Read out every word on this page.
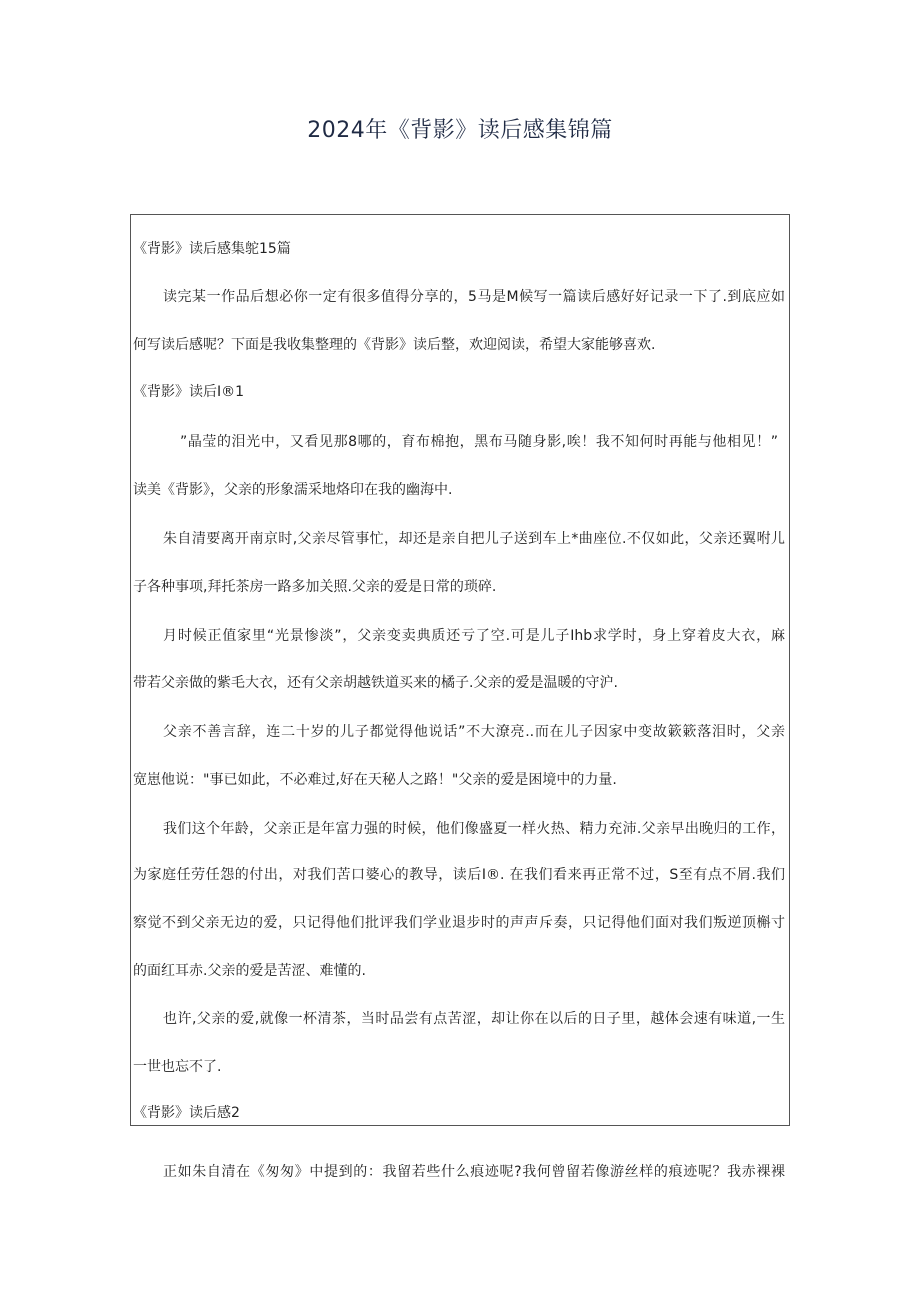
2024年《背影》读后感集锦篇
《背影》读后感集鸵15篇
读完某一作品后想必你一定有很多值得分享的，5马是M候写一篇读后感好好记录一下了.到底应如
何写读后感呢？下面是我收集整理的《背影》读后整，欢迎阅读，希望大家能够喜欢.
《背影》读后I®1
”晶莹的泪光中，又看见那8哪的，育布棉抱，黑布马随身影,唉！我不知何时再能与他相见！”
读美《背影》，父亲的形象濡采地烙印在我的幽海中.
朱自清要离开南京时,父亲尽管事忙，却还是亲自把儿子送到车上*曲座位.不仅如此，父亲还翼咐儿
子各种事项,拜托茶房一路多加关照.父亲的爱是日常的琐碎.
月时候正值家里“光景惨淡”，父亲变卖典质还亏了空.可是儿子Ihb求学时，身上穿着皮大衣，麻
带若父亲做的紫毛大衣，还有父亲胡越铁道买来的橘子.父亲的爱是温暖的守沪.
父亲不善言辞，连二十岁的儿子都觉得他说话”不大潦亮..而在儿子因家中变故簌簌落泪时，父亲
宽崽他说："事已如此，不必难过,好在天秘人之路！"父亲的爱是困境中的力量.
我们这个年龄，父亲正是年富力强的时候，他们像盛夏一样火热、精力充沛.父亲早出晚归的工作，
为家庭任劳任怨的付出，对我们苦口婆心的教导，读后I®. 在我们看来再正常不过，S至有点不屑.我们
察觉不到父亲无边的爱，只记得他们批评我们学业退步时的声声斥奏，只记得他们面对我们叛逆顶槲寸
的面红耳赤.父亲的爱是苦涩、难懂的.
也许,父亲的爱,就像一杯清茶，当时品尝有点苦涩，却让你在以后的日子里，越体会速有味道,一生
一世也忘不了.
《背影》读后感2
正如朱自清在《匆匆》中提到的：我留若些什么痕迹呢?我何曾留若像游丝样的痕迹呢？我赤裸裸
